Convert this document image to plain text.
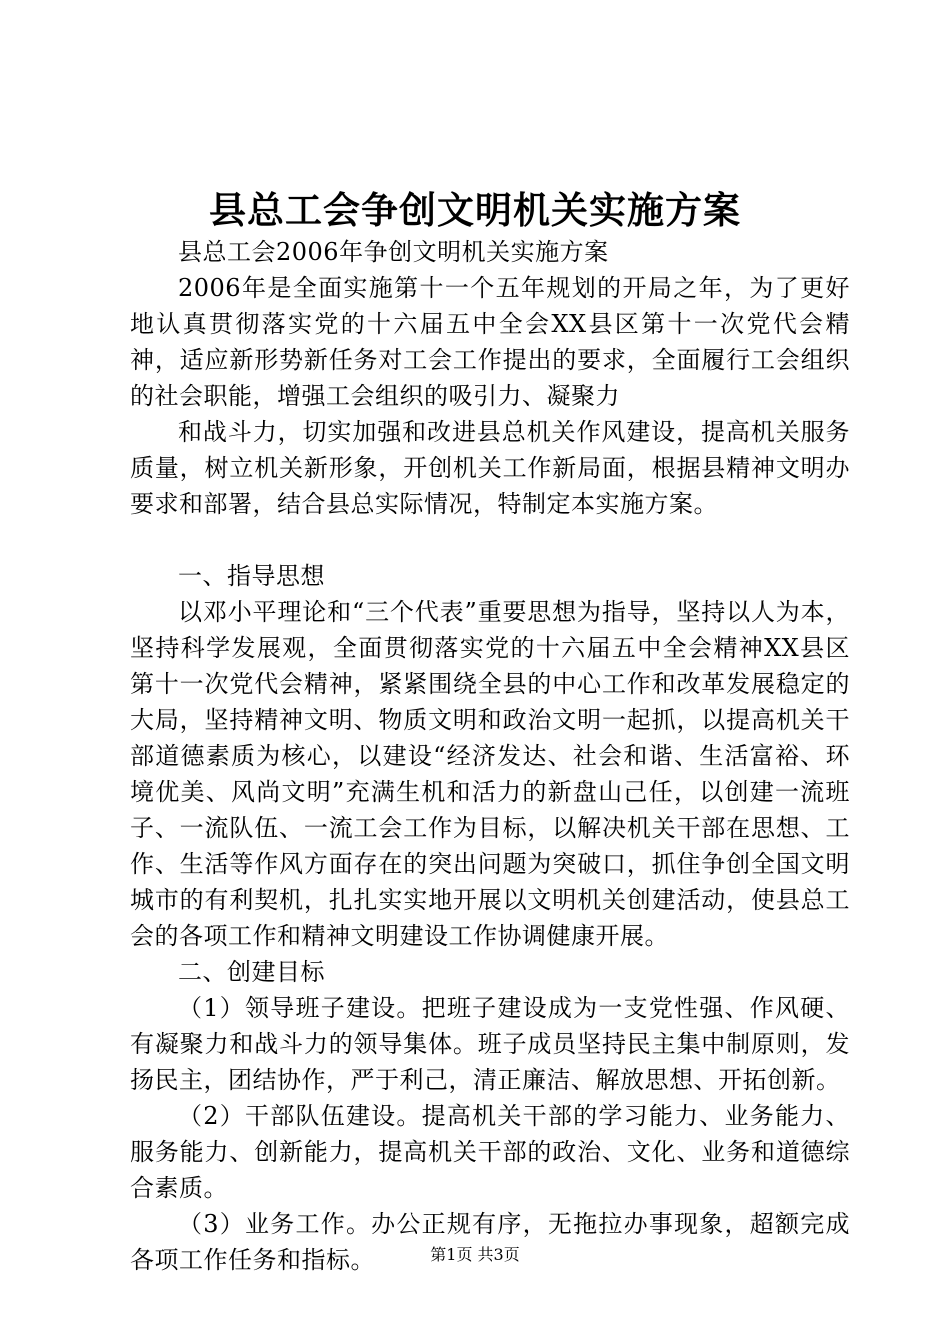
县总工会争创文明机关实施方案

县总工会2006年争创文明机关实施方案

2006年是全面实施第十一个五年规划的开局之年，为了更好地认真贯彻落实党的十六届五中全会XX县区第十一次党代会精神，适应新形势新任务对工会工作提出的要求，全面履行工会组织的社会职能，增强工会组织的吸引力、凝聚力

和战斗力，切实加强和改进县总机关作风建设，提高机关服务质量，树立机关新形象，开创机关工作新局面，根据县精神文明办要求和部署，结合县总实际情况，特制定本实施方案。

一、指导思想

以邓小平理论和“三个代表”重要思想为指导，坚持以人为本，坚持科学发展观，全面贯彻落实党的十六届五中全会精神XX县区第十一次党代会精神，紧紧围绕全县的中心工作和改革发展稳定的大局，坚持精神文明、物质文明和政治文明一起抓，以提高机关干部道德素质为核心，以建设“经济发达、社会和谐、生活富裕、环境优美、风尚文明”充满生机和活力的新盘山己任，以创建一流班子、一流队伍、一流工会工作为目标，以解决机关干部在思想、工作、生活等作风方面存在的突出问题为突破口，抓住争创全国文明城市的有利契机，扎扎实实地开展以文明机关创建活动，使县总工会的各项工作和精神文明建设工作协调健康开展。

二、创建目标

（1）领导班子建设。把班子建设成为一支党性强、作风硬、有凝聚力和战斗力的领导集体。班子成员坚持民主集中制原则，发扬民主，团结协作，严于利己，清正廉洁、解放思想、开拓创新。

（2）干部队伍建设。提高机关干部的学习能力、业务能力、服务能力、创新能力，提高机关干部的政治、文化、业务和道德综合素质。

（3）业务工作。办公正规有序，无拖拉办事现象，超额完成各项工作任务和指标。	第1页 共3页
